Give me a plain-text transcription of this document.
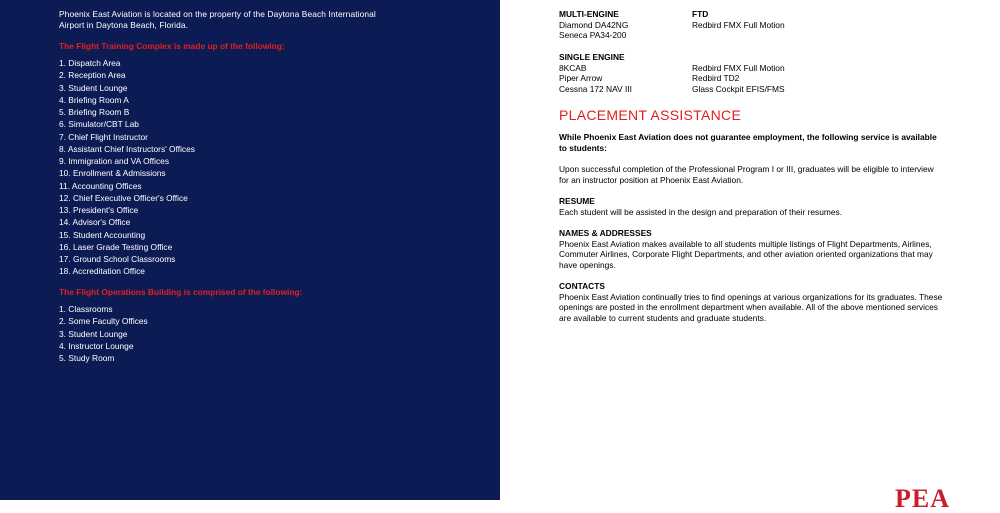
Phoenix East Aviation is located on the property of the Daytona Beach International Airport in Daytona Beach, Florida.
The Flight Training Complex is made up of the following:
1. Dispatch Area
2. Reception Area
3. Student Lounge
4. Briefing Room A
5. Briefing Room B
6. Simulator/CBT Lab
7. Chief Flight Instructor
8. Assistant Chief Instructors' Offices
9. Immigration and VA Offices
10. Enrollment & Admissions
11. Accounting Offices
12. Chief Executive Officer's Office
13. President's Office
14. Advisor's Office
15. Student Accounting
16. Laser Grade Testing Office
17. Ground School Classrooms
18. Accreditation Office
The Flight Operations Building is comprised of the following:
1. Classrooms
2. Some Faculty Offices
3. Student Lounge
4. Instructor Lounge
5. Study Room
MULTI-ENGINE
Diamond DA42NG
Seneca PA34-200
FTD
Redbird FMX Full Motion
SINGLE ENGINE
8KCAB
Piper Arrow
Cessna 172 NAV III
Redbird FMX Full Motion
Redbird TD2
Glass Cockpit EFIS/FMS
PLACEMENT ASSISTANCE
While Phoenix East Aviation does not guarantee employment, the following service is available to students:
Upon successful completion of the Professional Program I or III, graduates will be eligible to interview for an instructor position at Phoenix East Aviation.
RESUME
Each student will be assisted in the design and preparation of their resumes.
NAMES & ADDRESSES
Phoenix East Aviation makes available to all students multiple listings of Flight Departments, Airlines, Commuter Airlines, Corporate Flight Departments, and other aviation oriented organizations that may have openings.
CONTACTS
Phoenix East Aviation continually tries to find openings at various organizations for its graduates. These openings are posted in the enrollment department when available. All of the above mentioned services are available to current students and graduate students.
PEA
